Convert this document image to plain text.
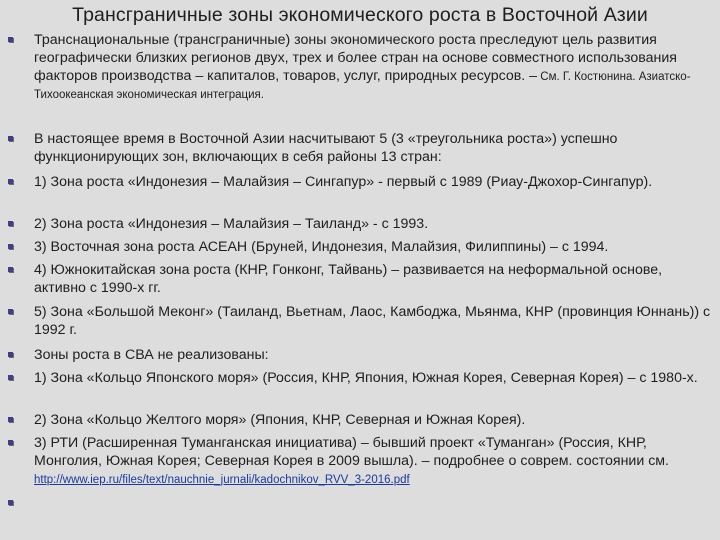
Трансграничные зоны экономического роста в Восточной Азии
Транснациональные (трансграничные) зоны экономического роста преследуют цель развития географически близких регионов двух, трех и более стран на основе совместного использования факторов производства – капиталов, товаров, услуг, природных ресурсов. – См. Г. Костюнина. Азиатско-Тихоокеанская экономическая интеграция.
В настоящее время в Восточной Азии насчитывают 5 (3 «треугольника роста») успешно функционирующих зон, включающих в себя районы 13 стран:
1) Зона роста «Индонезия – Малайзия – Сингапур» - первый с 1989 (Риау-Джохор-Сингапур).
2) Зона роста «Индонезия – Малайзия – Таиланд» - с 1993.
3) Восточная зона роста АСЕАН (Бруней, Индонезия, Малайзия, Филиппины) – с 1994.
4) Южнокитайская зона роста (КНР, Гонконг, Тайвань) – развивается на неформальной основе, активно с 1990-х гг.
5) Зона «Большой Меконг» (Таиланд, Вьетнам, Лаос, Камбоджа, Мьянма, КНР (провинция Юннань)) с 1992 г.
Зоны роста в СВА не реализованы:
1) Зона «Кольцо Японского моря» (Россия, КНР, Япония, Южная Корея, Северная Корея) – с 1980-х.
2) Зона «Кольцо Желтого моря» (Япония, КНР, Северная и Южная Корея).
3) РТИ (Расширенная Туманганская инициатива) – бывший проект «Туманган» (Россия, КНР, Монголия, Южная Корея; Северная Корея в 2009 вышла). – подробнее о соврем. состоянии см. http://www.iep.ru/files/text/nauchnie_jurnali/kadochnikov_RVV_3-2016.pdf
